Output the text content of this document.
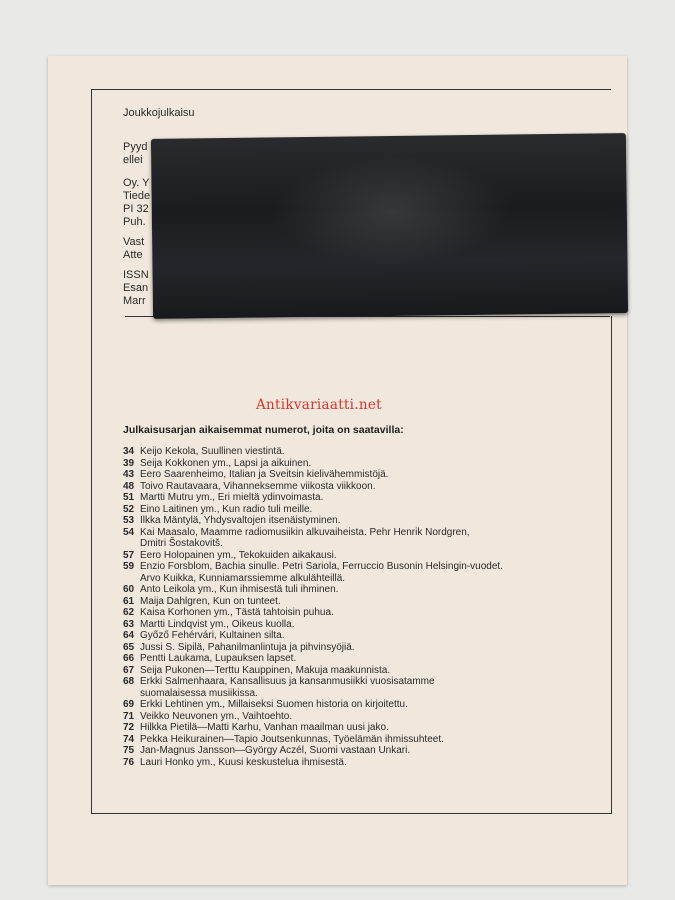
Joukkojulkaisu
Pyyd
ellei
Oy. Y
Tiede
PI 32
Puh.
Vast
Atte
ISSN
Esan
Marr
Antikvariaatti.net
Julkaisusarjan aikaisemmat numerot, joita on saatavilla:
34 Keijo Kekola, Suullinen viestintä.
39 Seija Kokkonen ym., Lapsi ja aikuinen.
43 Eero Saarenheimo, Italian ja Sveitsin kielivähemmistöjä.
48 Toivo Rautavaara, Vihanneksemme viikosta viikkoon.
51 Martti Mutru ym., Eri mieltä ydinvoimasta.
52 Eino Laitinen ym., Kun radio tuli meille.
53 Ilkka Mäntylä, Yhdysvaltojen itsenäistyminen.
54 Kai Maasalo, Maamme radiomusiikin alkuvaiheista. Pehr Henrik Nordgren,
Dmitri Šostakovitš.
57 Eero Holopainen ym., Tekokuiden aikakausi.
59 Enzio Forsblom, Bachia sinulle. Petri Sariola, Ferruccio Busonin Helsingin-vuodet.
Arvo Kuikka, Kunniamarssiemme alkulähteillä.
60 Anto Leikola ym., Kun ihmisestä tuli ihminen.
61 Maija Dahlgren, Kun on tunteet.
62 Kaisa Korhonen ym., Tästä tahtoisin puhua.
63 Martti Lindqvist ym., Oikeus kuolla.
64 Győző Fehérvári, Kultainen silta.
65 Jussi S. Sipilä, Pahanilmanlintuja ja pihvinsyöjiä.
66 Pentti Laukama, Lupauksen lapset.
67 Seija Pukonen—Terttu Kauppinen, Makuja maakunnista.
68 Erkki Salmenhaara, Kansallisuus ja kansanmusiikki vuosisatamme
suomalaisessa musiikissa.
69 Erkki Lehtinen ym., Millaiseksi Suomen historia on kirjoitettu.
71 Veikko Neuvonen ym., Vaihtoehto.
72 Hilkka Pietilä—Matti Karhu, Vanhan maailman uusi jako.
74 Pekka Heikurainen—Tapio Joutsenkunnas, Työelämän ihmissuhteet.
75 Jan-Magnus Jansson—György Aczél, Suomi vastaan Unkari.
76 Lauri Honko ym., Kuusi keskustelua ihmisestä.
